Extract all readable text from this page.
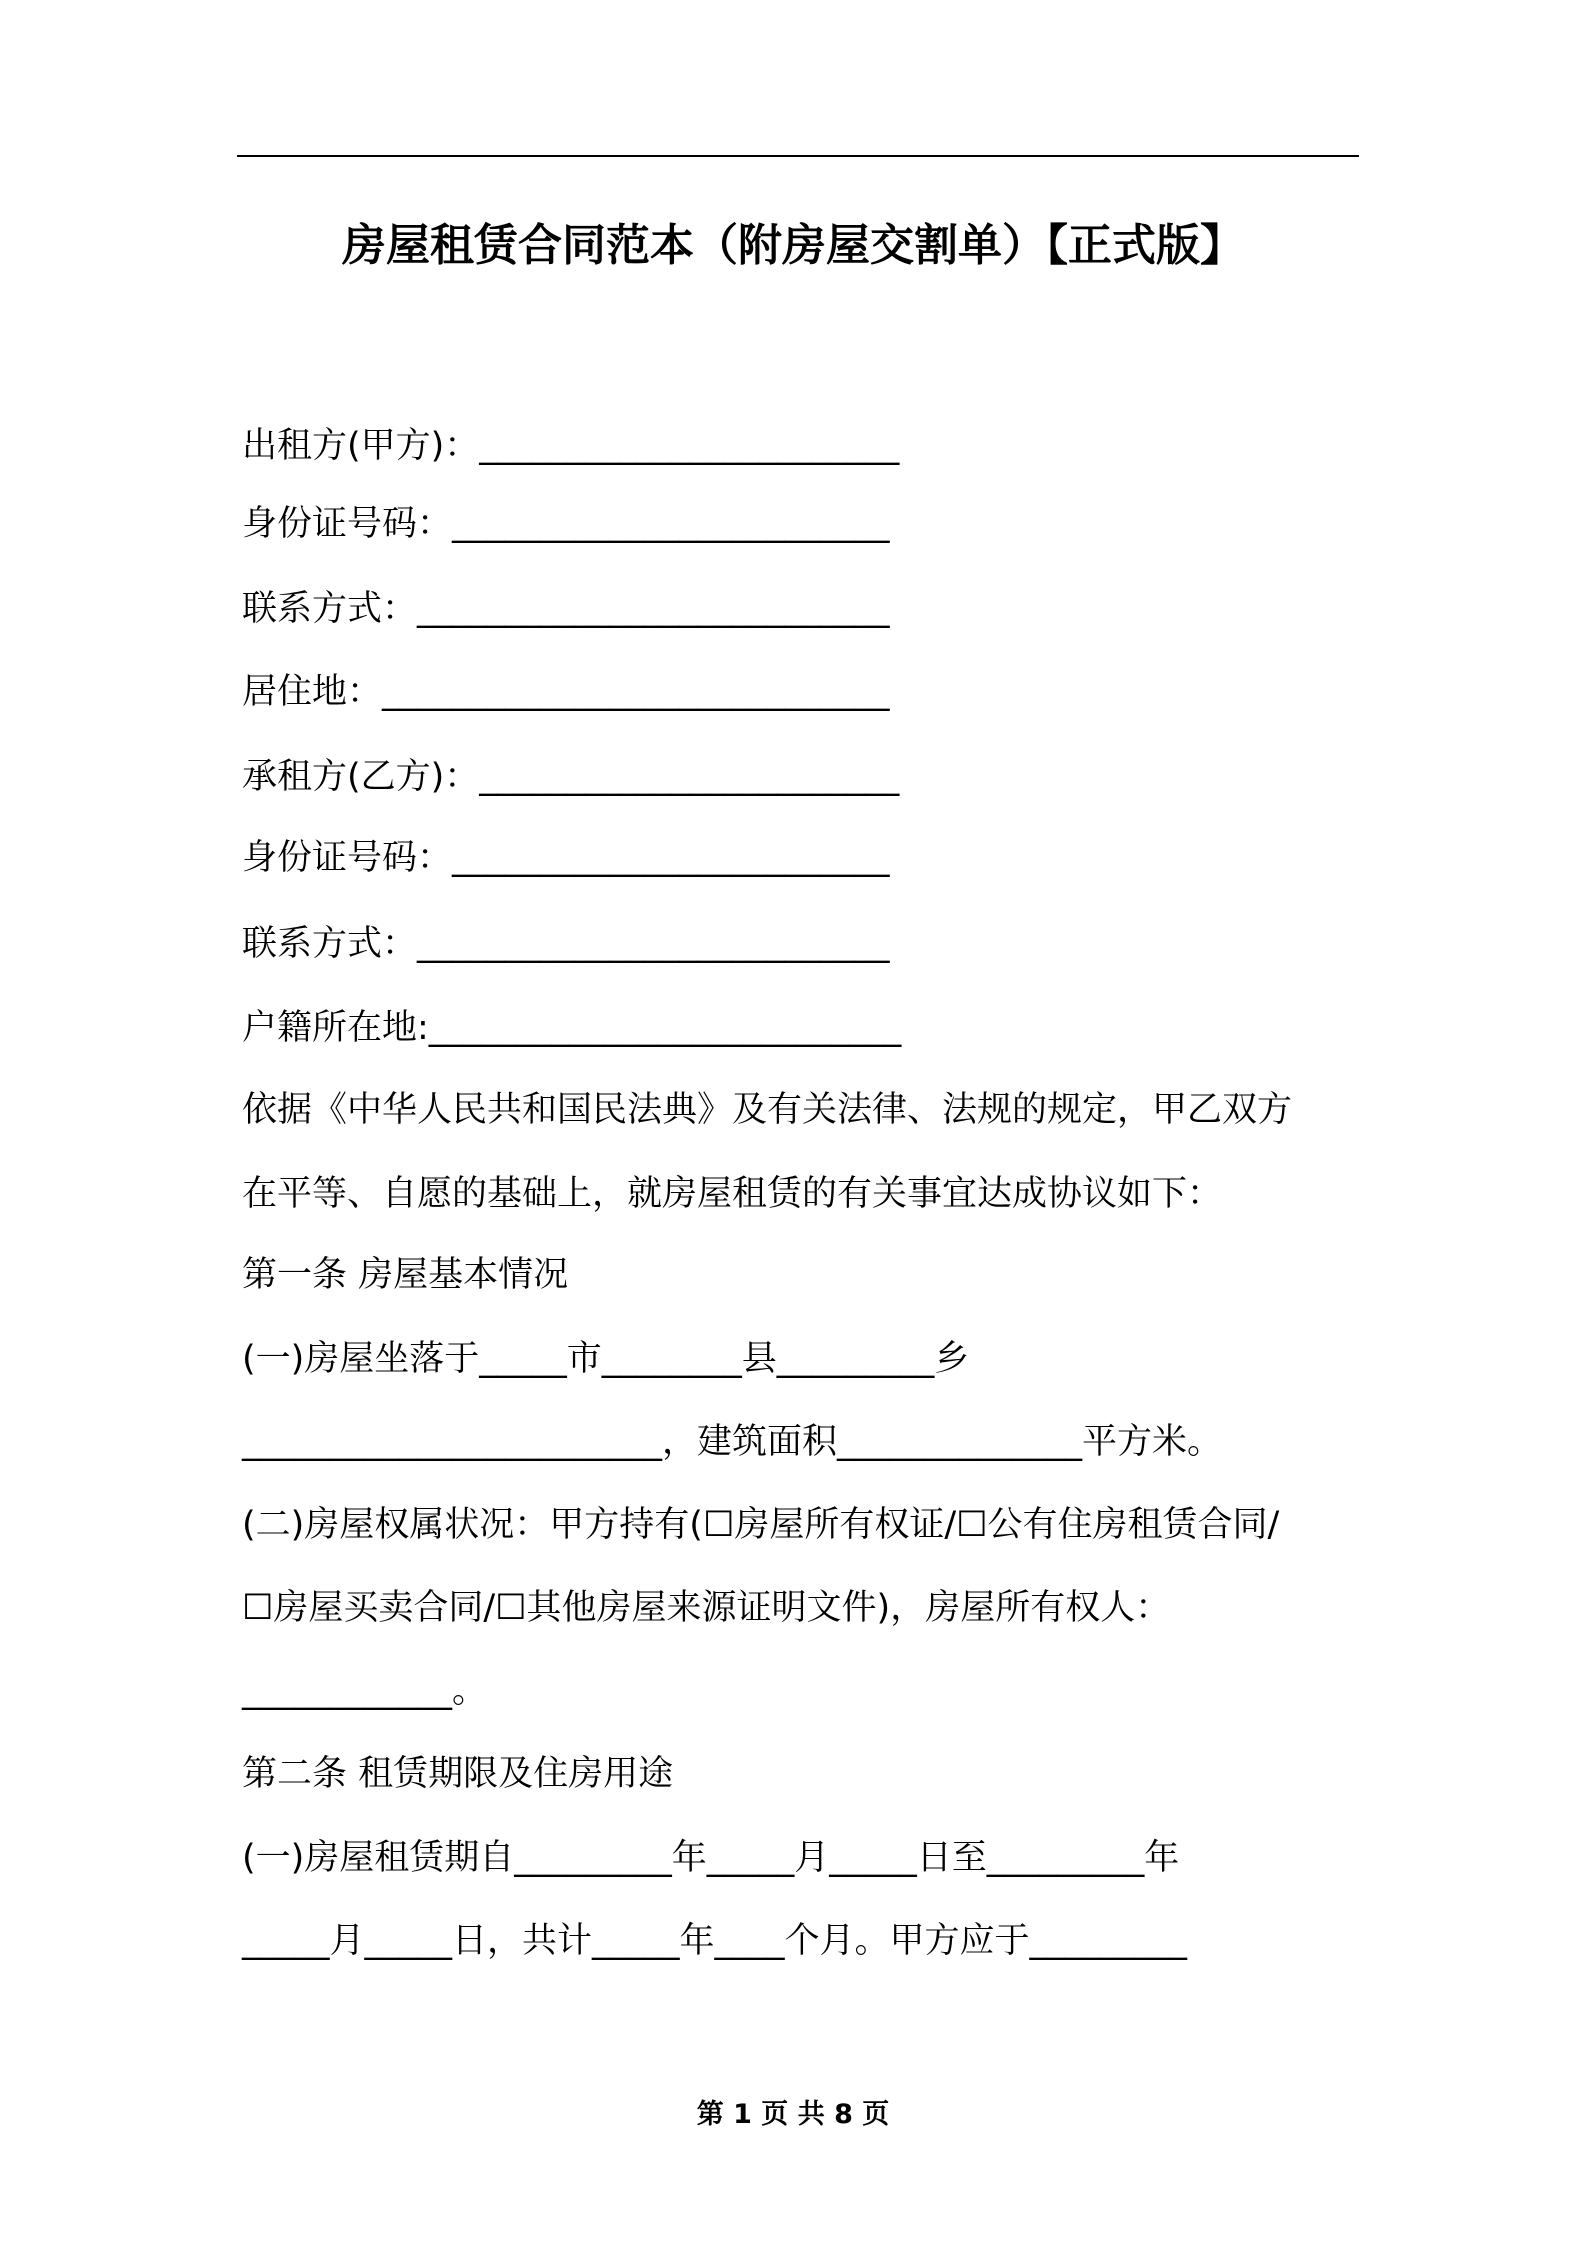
房屋租赁合同范本（附房屋交割单）【正式版】
出租方(甲方)：________________________
身份证号码：_________________________
联系方式：___________________________
居住地：_____________________________
承租方(乙方)：________________________
身份证号码：_________________________
联系方式：___________________________
户籍所在地:___________________________
依据《中华人民共和国民法典》及有关法律、法规的规定，甲乙双方
在平等、自愿的基础上，就房屋租赁的有关事宜达成协议如下：
第一条 房屋基本情况
(一)房屋坐落于_____市________县_________乡
________________________，建筑面积______________平方米。
(二)房屋权属状况：甲方持有(☐房屋所有权证/☐公有住房租赁合同/
☐房屋买卖合同/☐其他房屋来源证明文件)，房屋所有权人：
____________。
第二条 租赁期限及住房用途
(一)房屋租赁期自_________年_____月_____日至_________年
_____月_____日，共计_____年____个月。甲方应于_________
第 1 页 共 8 页
